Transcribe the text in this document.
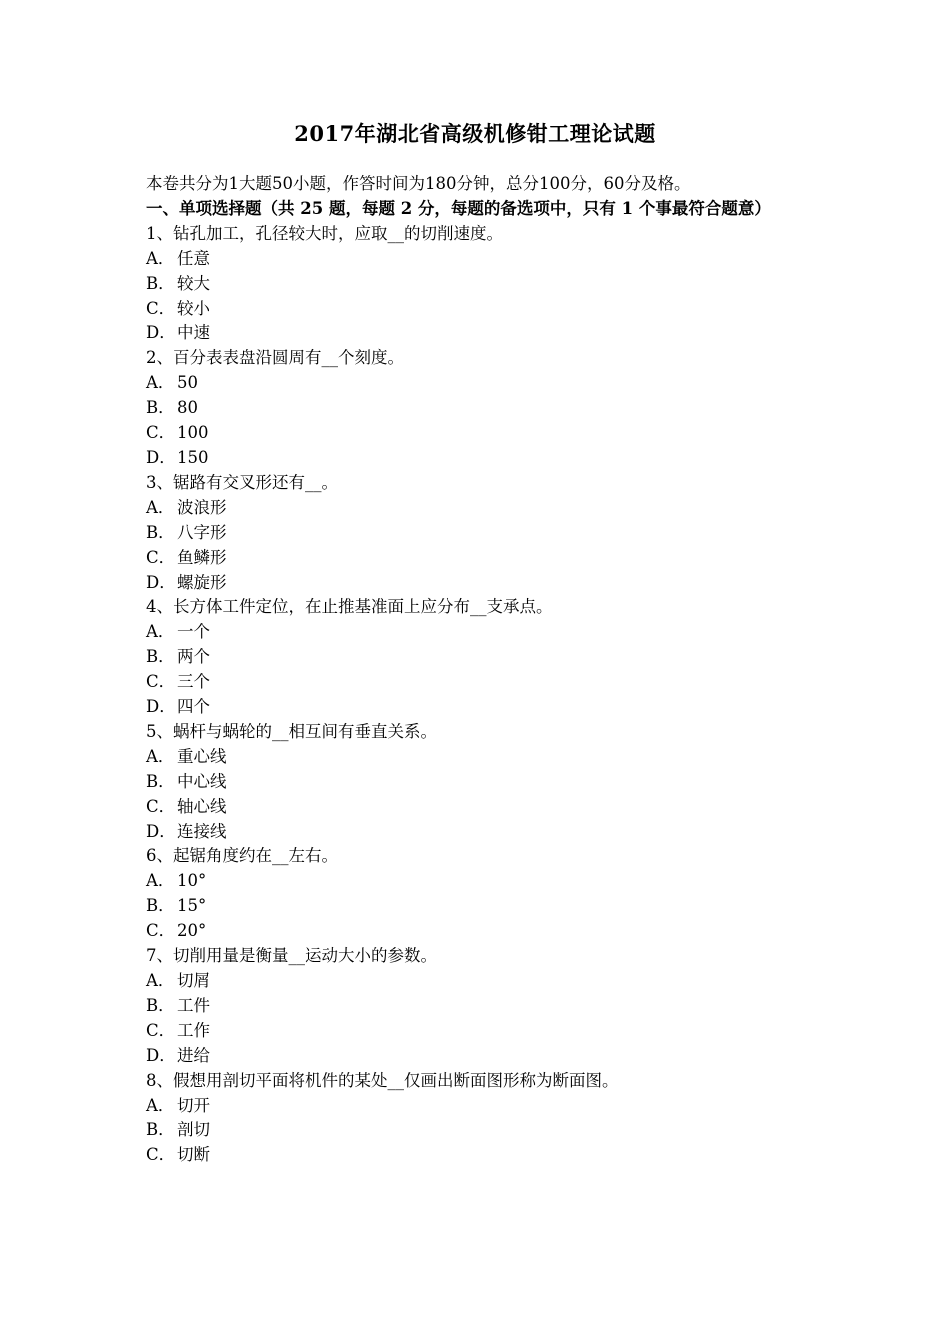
2017年湖北省高级机修钳工理论试题
本卷共分为1大题50小题，作答时间为180分钟，总分100分，60分及格。
一、单项选择题（共 25 题，每题 2 分，每题的备选项中，只有 1 个事最符合题意）
1、钻孔加工，孔径较大时，应取__的切削速度。
A． 任意
B． 较大
C． 较小
D．中速
2、百分表表盘沿圆周有__个刻度。
A． 50
B． 80
C． 100
D．150
3、锯路有交叉形还有__。
A． 波浪形
B． 八字形
C． 鱼鳞形
D．螺旋形
4、长方体工件定位，在止推基准面上应分布__支承点。
A． 一个
B． 两个
C． 三个
D．四个
5、蜗杆与蜗轮的__相互间有垂直关系。
A． 重心线
B． 中心线
C． 轴心线
D．连接线
6、起锯角度约在__左右。
A． 10°
B． 15°
C． 20°
7、切削用量是衡量__运动大小的参数。
A． 切屑
B． 工件
C． 工作
D．进给
8、假想用剖切平面将机件的某处__仅画出断面图形称为断面图。
A． 切开
B． 剖切
C． 切断
